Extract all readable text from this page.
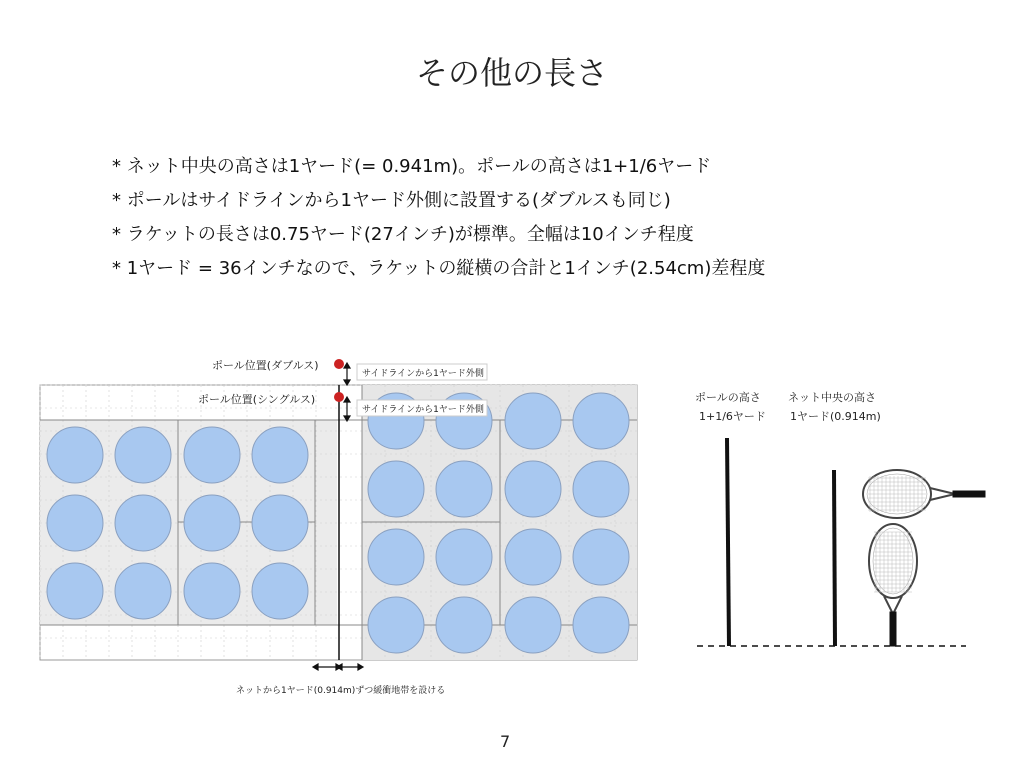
その他の長さ
* ネット中央の高さは1ヤード(= 0.941m)。ポールの高さは1+1/6ヤード
* ポールはサイドラインから1ヤード外側に設置する(ダブルスも同じ)
* ラケットの長さは0.75ヤード(27インチ)が標準。全幅は10インチ程度
* 1ヤード = 36インチなので、ラケットの縦横の合計と1インチ(2.54cm)差程度
ポール位置(ダブルス)
ポール位置(シングルス)
サイドラインから1ヤード外側
サイドラインから1ヤード外側
ネットから1ヤード(0.914m)ずつ緩衝地帯を設ける
ポールの高さ
1+1/6ヤード
ネット中央の高さ
1ヤード(0.914m)
7
